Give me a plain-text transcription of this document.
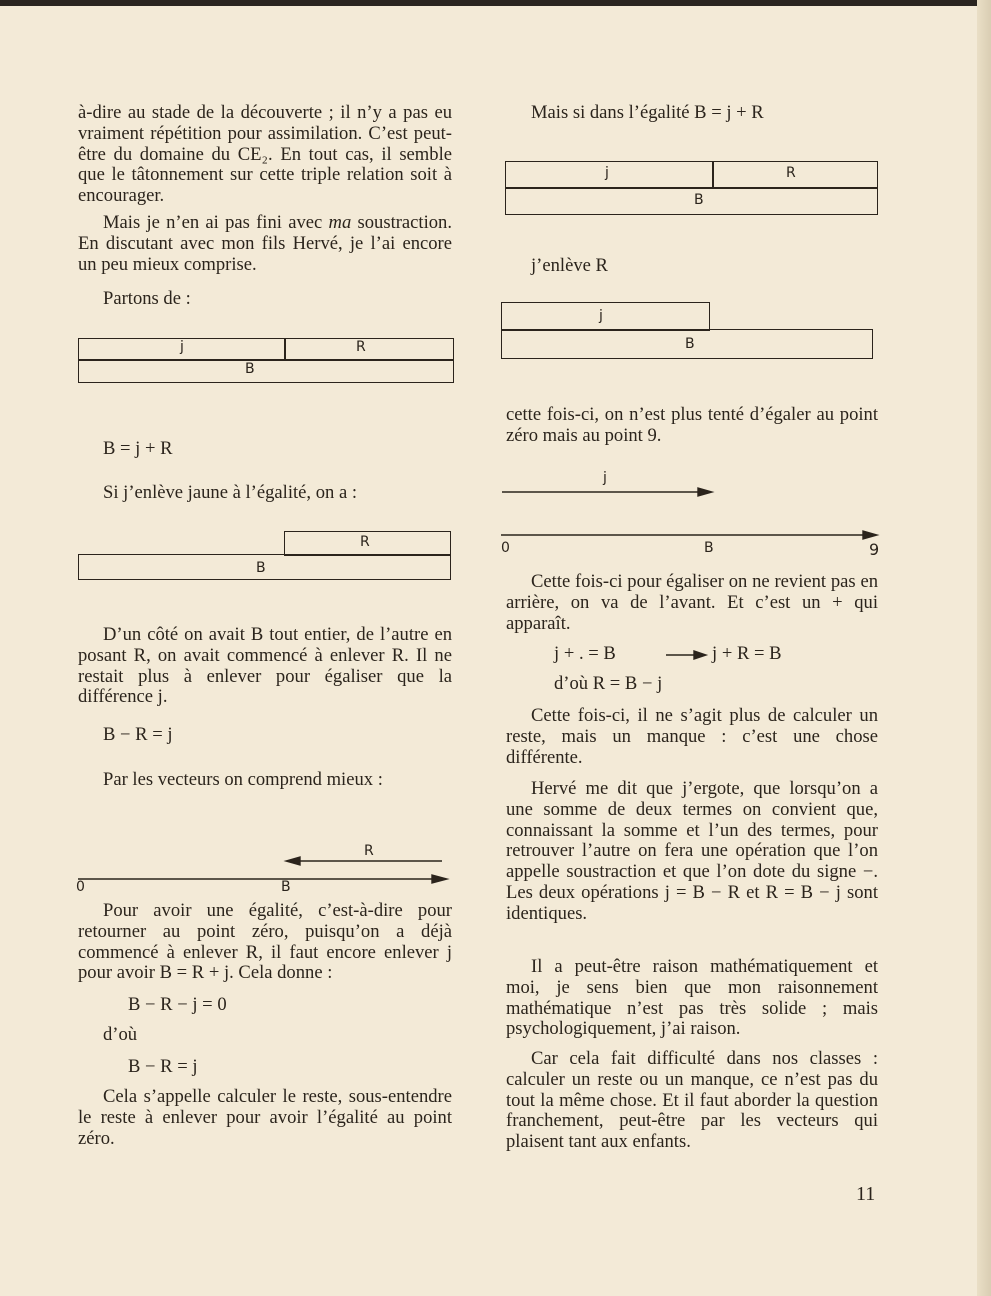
à-dire au stade de la découverte ; il n’y a pas eu vraiment répétition pour assimilation. C’est peut-être du domaine du CE₂. En tout cas, il semble que le tâtonnement sur cette triple relation soit à encourager.

Mais je n’en ai pas fini avec ma soustraction. En discutant avec mon fils Hervé, je l’ai encore un peu mieux comprise.

Partons de :

B = j + R

Si j’enlève jaune à l’égalité, on a :

D’un côté on avait B tout entier, de l’autre en posant R, on avait commencé à enlever R. Il ne restait plus à enlever pour égaliser que la différence j.

B − R = j

Par les vecteurs on comprend mieux :

Pour avoir une égalité, c’est-à-dire pour retourner au point zéro, puisqu’on a déjà commencé à enlever R, il faut encore enlever j pour avoir B = R + j. Cela donne :

B − R − j = 0

d’où

B − R = j

Cela s’appelle calculer le reste, sous-entendre le reste à enlever pour avoir l’égalité au point zéro.

j	R
B
R
B
j	R
B
j
B
R
0	B
j
0	B	9

Mais si dans l’égalité B = j + R

j’enlève R

cette fois-ci, on n’est plus tenté d’égaler au point zéro mais au point 9.

Cette fois-ci pour égaliser on ne revient pas en arrière, on va de l’avant. Et c’est un + qui apparaît.

j + . = B	j + R = B

d’où R = B − j

Cette fois-ci, il ne s’agit plus de calculer un reste, mais un manque : c’est une chose différente.

Hervé me dit que j’ergote, que lorsqu’on a une somme de deux termes on convient que, connaissant la somme et l’un des termes, pour retrouver l’autre on fera une opération que l’on appelle soustraction et que l’on dote du signe −. Les deux opérations j = B − R et R = B − j sont identiques.

Il a peut-être raison mathématiquement et moi, je sens bien que mon raisonnement mathématique n’est pas très solide ; mais psychologiquement, j’ai raison.

Car cela fait difficulté dans nos classes : calculer un reste ou un manque, ce n’est pas du tout la même chose. Et il faut aborder la question franchement, peut-être par les vecteurs qui plaisent tant aux enfants.

11
